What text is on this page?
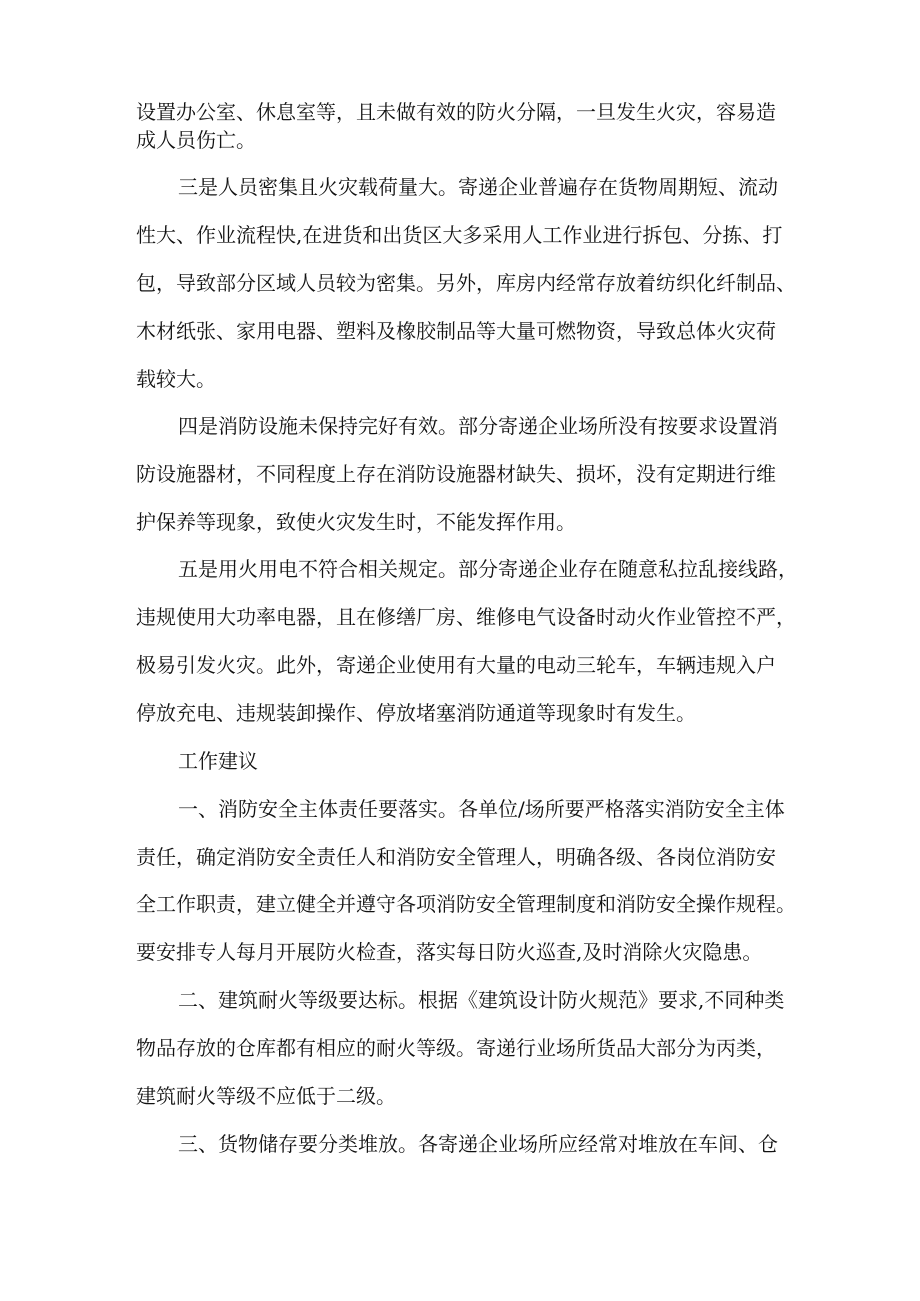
设置办公室、休息室等，且未做有效的防火分隔，一旦发生火灾，容易造
成人员伤亡。
三是人员密集且火灾载荷量大。寄递企业普遍存在货物周期短、流动
性大、作业流程快,在进货和出货区大多采用人工作业进行拆包、分拣、打
包，导致部分区域人员较为密集。另外，库房内经常存放着纺织化纤制品、
木材纸张、家用电器、塑料及橡胶制品等大量可燃物资，导致总体火灾荷
载较大。
四是消防设施未保持完好有效。部分寄递企业场所没有按要求设置消
防设施器材，不同程度上存在消防设施器材缺失、损坏，没有定期进行维
护保养等现象，致使火灾发生时，不能发挥作用。
五是用火用电不符合相关规定。部分寄递企业存在随意私拉乱接线路，
违规使用大功率电器，且在修缮厂房、维修电气设备时动火作业管控不严，
极易引发火灾。此外，寄递企业使用有大量的电动三轮车，车辆违规入户
停放充电、违规装卸操作、停放堵塞消防通道等现象时有发生。
工作建议
一、消防安全主体责任要落实。各单位/场所要严格落实消防安全主体
责任，确定消防安全责任人和消防安全管理人，明确各级、各岗位消防安
全工作职责，建立健全并遵守各项消防安全管理制度和消防安全操作规程。
要安排专人每月开展防火检查，落实每日防火巡查,及时消除火灾隐患。
二、建筑耐火等级要达标。根据《建筑设计防火规范》要求,不同种类
物品存放的仓库都有相应的耐火等级。寄递行业场所货品大部分为丙类，
建筑耐火等级不应低于二级。
三、货物储存要分类堆放。各寄递企业场所应经常对堆放在车间、仓
